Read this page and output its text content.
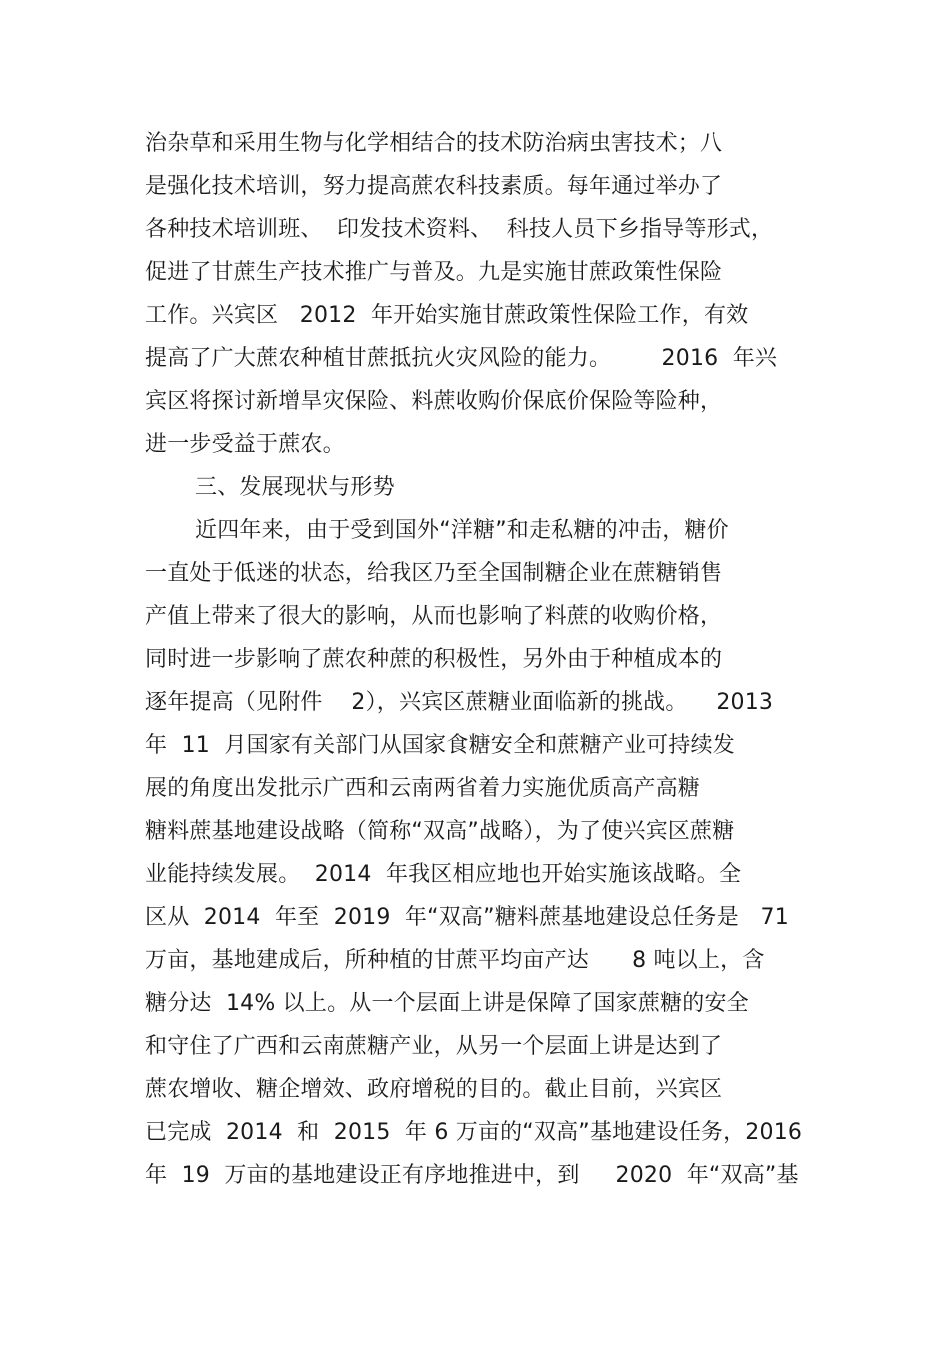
治杂草和采用生物与化学相结合的技术防治病虫害技术；八
是强化技术培训，努力提高蔗农科技素质。每年通过举办了
各种技术培训班、  印发技术资料、  科技人员下乡指导等形式，
促进了甘蔗生产技术推广与普及。九是实施甘蔗政策性保险
工作。兴宾区   2012  年开始实施甘蔗政策性保险工作，有效
提高了广大蔗农种植甘蔗抵抗火灾风险的能力。       2016  年兴
宾区将探讨新增旱灾保险、料蔗收购价保底价保险等险种，
进一步受益于蔗农。
三、发展现状与形势
近四年来，由于受到国外“洋糖”和走私糖的冲击，糖价
一直处于低迷的状态，给我区乃至全国制糖企业在蔗糖销售
产值上带来了很大的影响，从而也影响了料蔗的收购价格，
同时进一步影响了蔗农种蔗的积极性，另外由于种植成本的
逐年提高（见附件    2），兴宾区蔗糖业面临新的挑战。    2013
年  11  月国家有关部门从国家食糖安全和蔗糖产业可持续发
展的角度出发批示广西和云南两省着力实施优质高产高糖
糖料蔗基地建设战略（简称“双高”战略），为了使兴宾区蔗糖
业能持续发展。  2014  年我区相应地也开始实施该战略。全
区从  2014  年至  2019  年“双高”糖料蔗基地建设总任务是   71
万亩，基地建成后，所种植的甘蔗平均亩产达      8 吨以上，含
糖分达  14% 以上。从一个层面上讲是保障了国家蔗糖的安全
和守住了广西和云南蔗糖产业，从另一个层面上讲是达到了
蔗农增收、糖企增效、政府增税的目的。截止目前，兴宾区
已完成  2014  和  2015  年 6 万亩的“双高”基地建设任务，2016
年  19  万亩的基地建设正有序地推进中，到     2020  年“双高”基
